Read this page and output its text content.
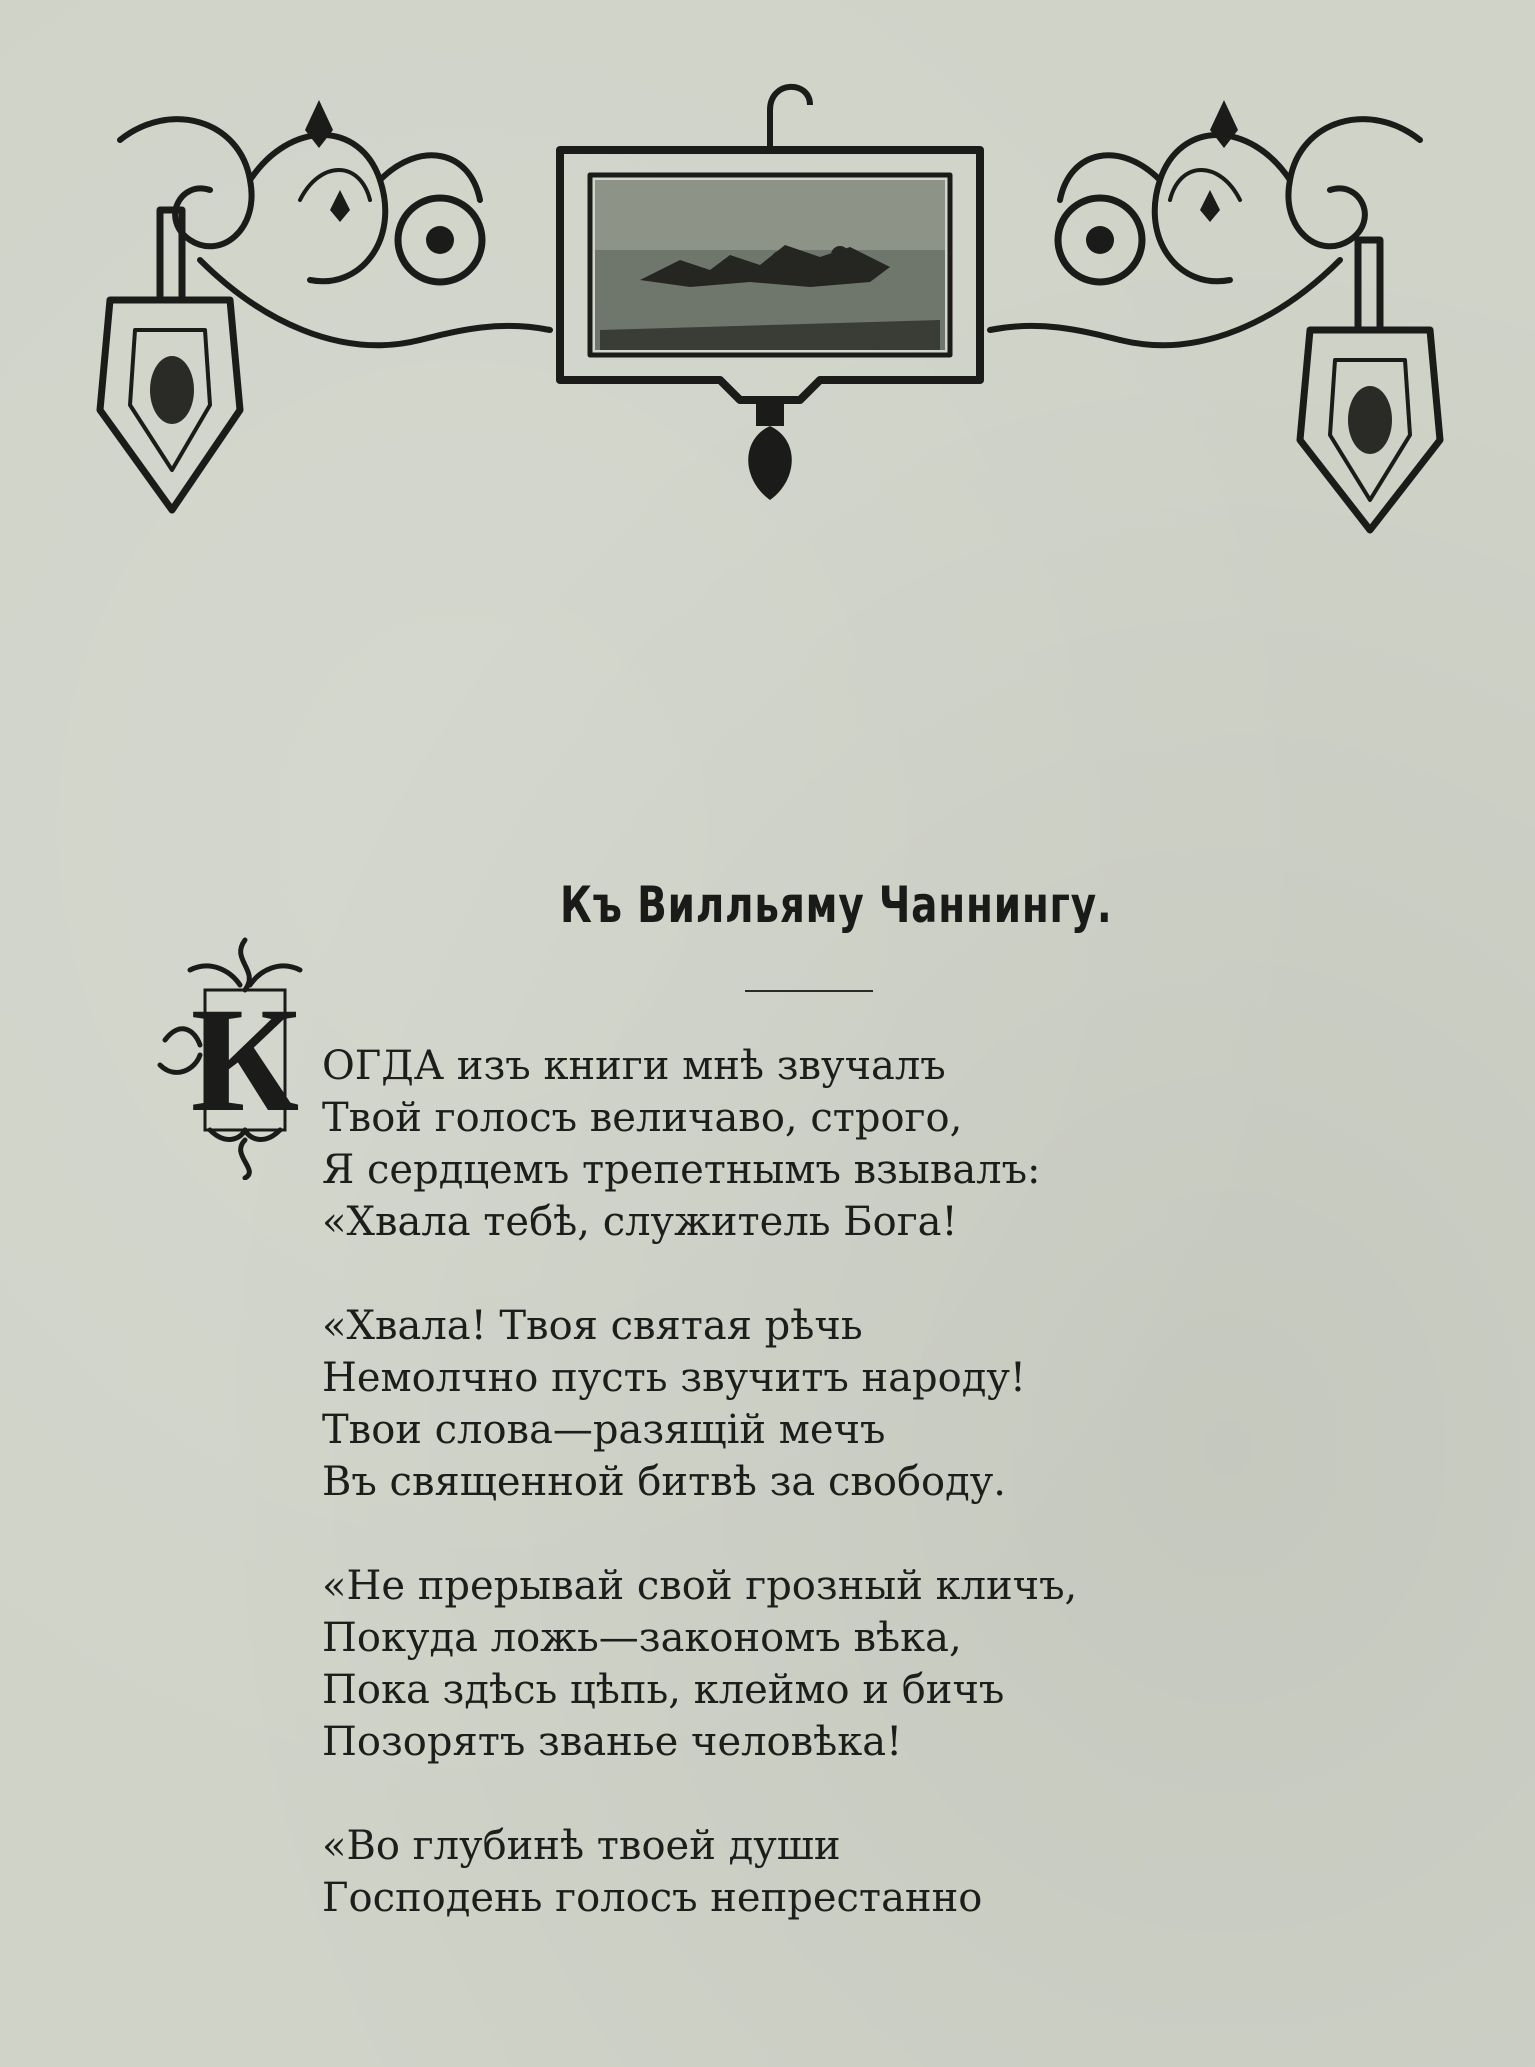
Къ Вилльяму Чаннингу.
К ОГДА изъ книги мнѣ звучалъ
Твой голосъ величаво, строго,
Я сердцемъ трепетнымъ взывалъ:
«Хвала тебѣ, служитель Бога!
«Хвала! Твоя святая рѣчь
Немолчно пусть звучитъ народу!
Твои слова—разящій мечъ
Въ священной битвѣ за свободу.
«Не прерывай свой грозный кличъ,
Покуда ложь—закономъ вѣка,
Пока здѣсь цѣпь, клеймо и бичъ
Позорятъ званье человѣка!
«Во глубинѣ твоей души
Господень голосъ непрестанно
